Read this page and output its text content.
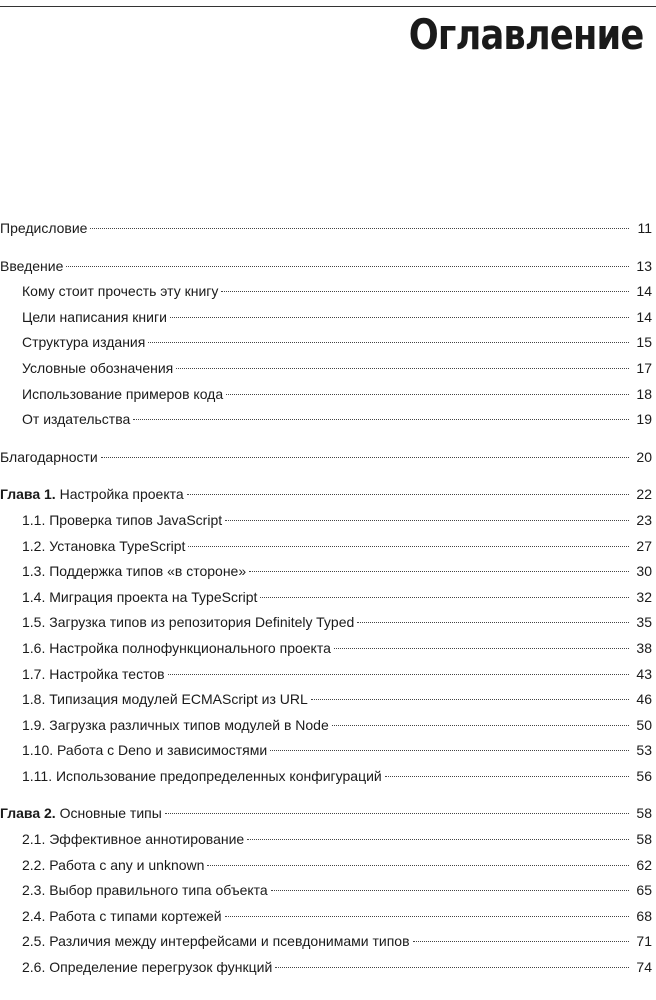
Оглавление
Предисловие	11
Введение	13
Кому стоит прочесть эту книгу	14
Цели написания книги	14
Структура издания	15
Условные обозначения	17
Использование примеров кода	18
От издательства	19
Благодарности	20
Глава 1. Настройка проекта	22
1.1. Проверка типов JavaScript	23
1.2. Установка TypeScript	27
1.3. Поддержка типов «в стороне»	30
1.4. Миграция проекта на TypeScript	32
1.5. Загрузка типов из репозитория Definitely Typed	35
1.6. Настройка полнофункционального проекта	38
1.7. Настройка тестов	43
1.8. Типизация модулей ECMAScript из URL	46
1.9. Загрузка различных типов модулей в Node	50
1.10. Работа с Deno и зависимостями	53
1.11. Использование предопределенных конфигураций	56
Глава 2. Основные типы	58
2.1. Эффективное аннотирование	58
2.2. Работа с any и unknown	62
2.3. Выбор правильного типа объекта	65
2.4. Работа с типами кортежей	68
2.5. Различия между интерфейсами и псевдонимами типов	71
2.6. Определение перегрузок функций	74
